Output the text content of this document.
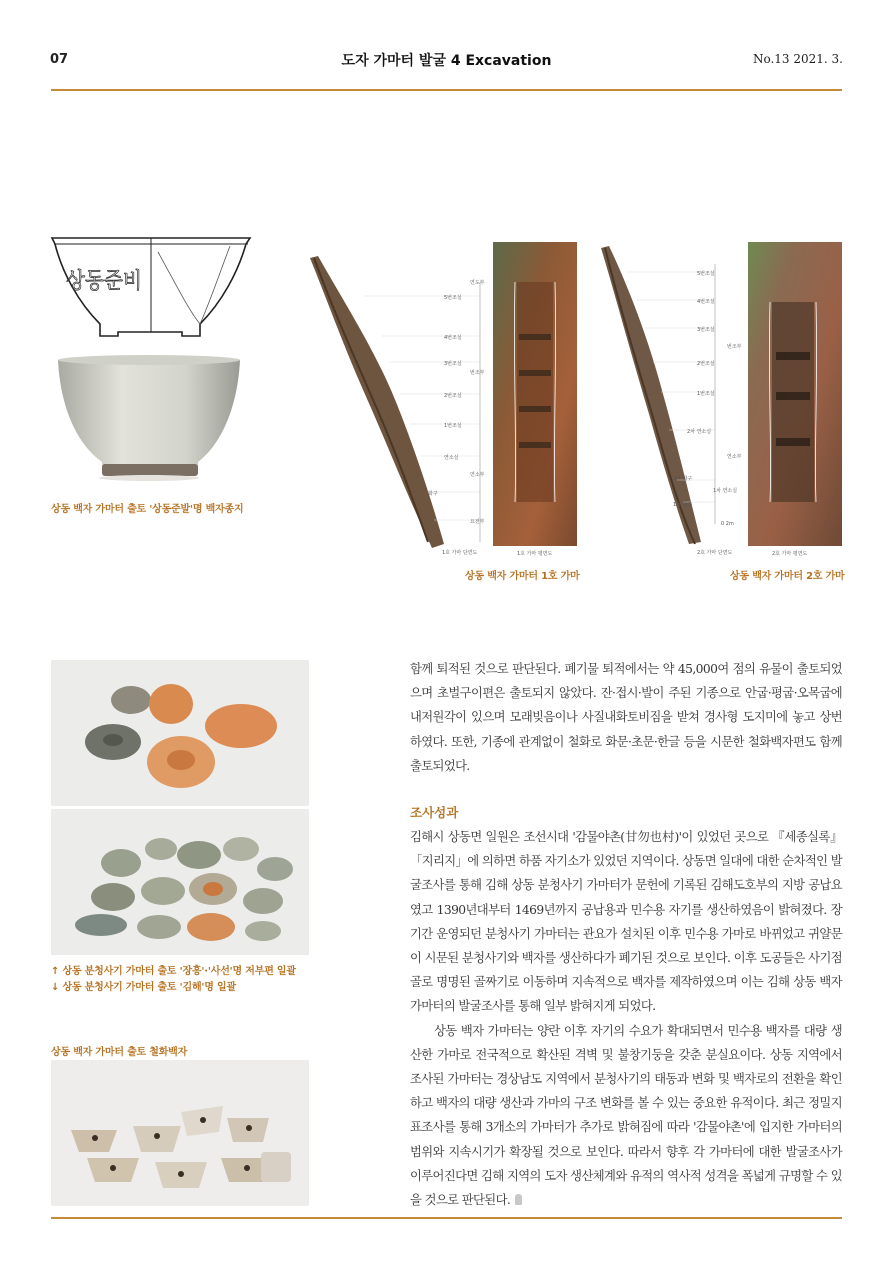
07	도자 가마터 발굴 4 Excavation	No.13 2021. 3.
상동준비
상동 백자 가마터 출토 '상동준발'명 백자종지
연도부
5번조실
4번조실
3번조실
번조부
2번조실
1번조실
연소실
연소부
화구
요전부
1호 가마 단면도	1호 가마 평면도
상동 백자 가마터 1호 가마
5번조실
4번조실
3번조실
번조부
2번조실
1번조실
2차 연소실
연소부
2차 화구
1차 연소실
1차 화구
0 2m
2호 가마 단면도	2호 가마 평면도
상동 백자 가마터 2호 가마
↑ 상동 분청사기 가마터 출토 '장흥'·'사선'명 저부편 일괄
↓ 상동 분청사기 가마터 출토 '김해'명 일괄
상동 백자 가마터 출토 철화백자

함께 퇴적된 것으로 판단된다. 폐기물 퇴적에서는 약 45,000여 점의 유물이 출토되었으며 초벌구이편은 출토되지 않았다. 잔·접시·발이 주된 기종으로 안굽·평굽·오목굽에 내저원각이 있으며 모래빚음이나 사질내화토비짐을 받쳐 경사형 도지미에 놓고 상번하였다. 또한, 기종에 관계없이 철화로 화문·초문·한글 등을 시문한 철화백자편도 함께 출토되었다.

조사성과

김해시 상동면 일원은 조선시대 '감물야촌(甘勿也村)'이 있었던 곳으로 『세종실록』「지리지」에 의하면 하품 자기소가 있었던 지역이다. 상동면 일대에 대한 순차적인 발굴조사를 통해 김해 상동 분청사기 가마터가 문헌에 기록된 김해도호부의 지방 공납요였고 1390년대부터 1469년까지 공납용과 민수용 자기를 생산하였음이 밝혀졌다. 장기간 운영되던 분청사기 가마터는 관요가 설치된 이후 민수용 가마로 바뀌었고 귀얄문이 시문된 분청사기와 백자를 생산하다가 폐기된 것으로 보인다. 이후 도공들은 사기점골로 명명된 골짜기로 이동하며 지속적으로 백자를 제작하였으며 이는 김해 상동 백자 가마터의 발굴조사를 통해 일부 밝혀지게 되었다.

상동 백자 가마터는 양란 이후 자기의 수요가 확대되면서 민수용 백자를 대량 생산한 가마로 전국적으로 확산된 격벽 및 불창기둥을 갖춘 분실요이다. 상동 지역에서 조사된 가마터는 경상남도 지역에서 분청사기의 태동과 변화 및 백자로의 전환을 확인하고 백자의 대량 생산과 가마의 구조 변화를 볼 수 있는 중요한 유적이다. 최근 정밀지표조사를 통해 3개소의 가마터가 추가로 밝혀짐에 따라 '감물야촌'에 입지한 가마터의 범위와 지속시기가 확장될 것으로 보인다. 따라서 향후 각 가마터에 대한 발굴조사가 이루어진다면 김해 지역의 도자 생산체계와 유적의 역사적 성격을 폭넓게 규명할 수 있을 것으로 판단된다.
